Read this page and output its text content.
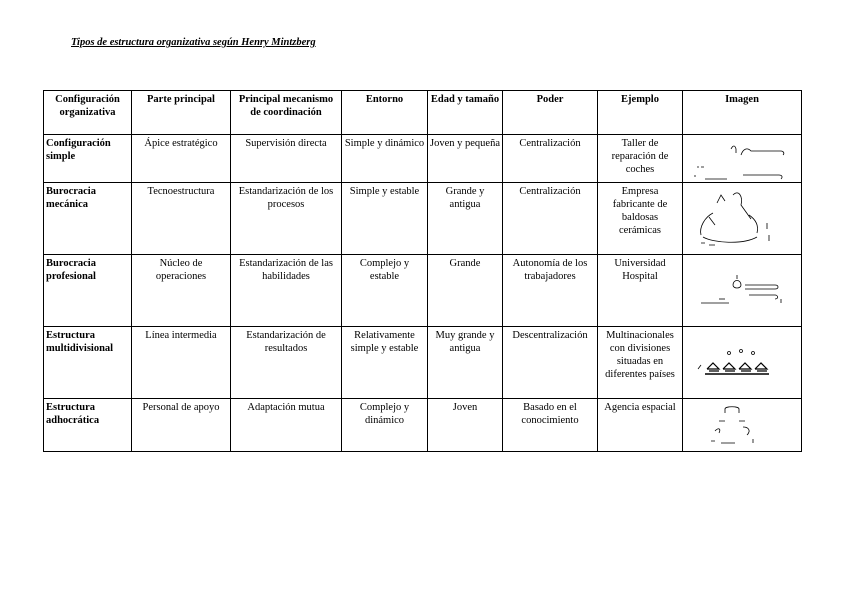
Tipos de estructura organizativa según Henry Mintzberg
Configuración organizativa	Parte principal	Principal mecanismo de coordinación	Entorno	Edad y tamaño	Poder	Ejemplo	Imagen
Configuración simple	Ápice estratégico	Supervisión directa	Simple y dinámico	Joven y pequeña	Centralización	Taller de reparación de coches	

Burocracia mecánica	Tecnoestructura	Estandarización de los procesos	Simple y estable	Grande y antigua	Centralización	Empresa fabricante de baldosas cerámicas	

Burocracia profesional	Núcleo de operaciones	Estandarización de las habilidades	Complejo y estable	Grande	Autonomía de los trabajadores	Universidad Hospital	

Estructura multidivisional	Línea intermedia	Estandarización de resultados	Relativamente simple y estable	Muy grande y antigua	Descentralización	Multinacionales con divisiones situadas en diferentes países	

Estructura adhocrática	Personal de apoyo	Adaptación mutua	Complejo y dinámico	Joven	Basado en el conocimiento	Agencia espacial	
